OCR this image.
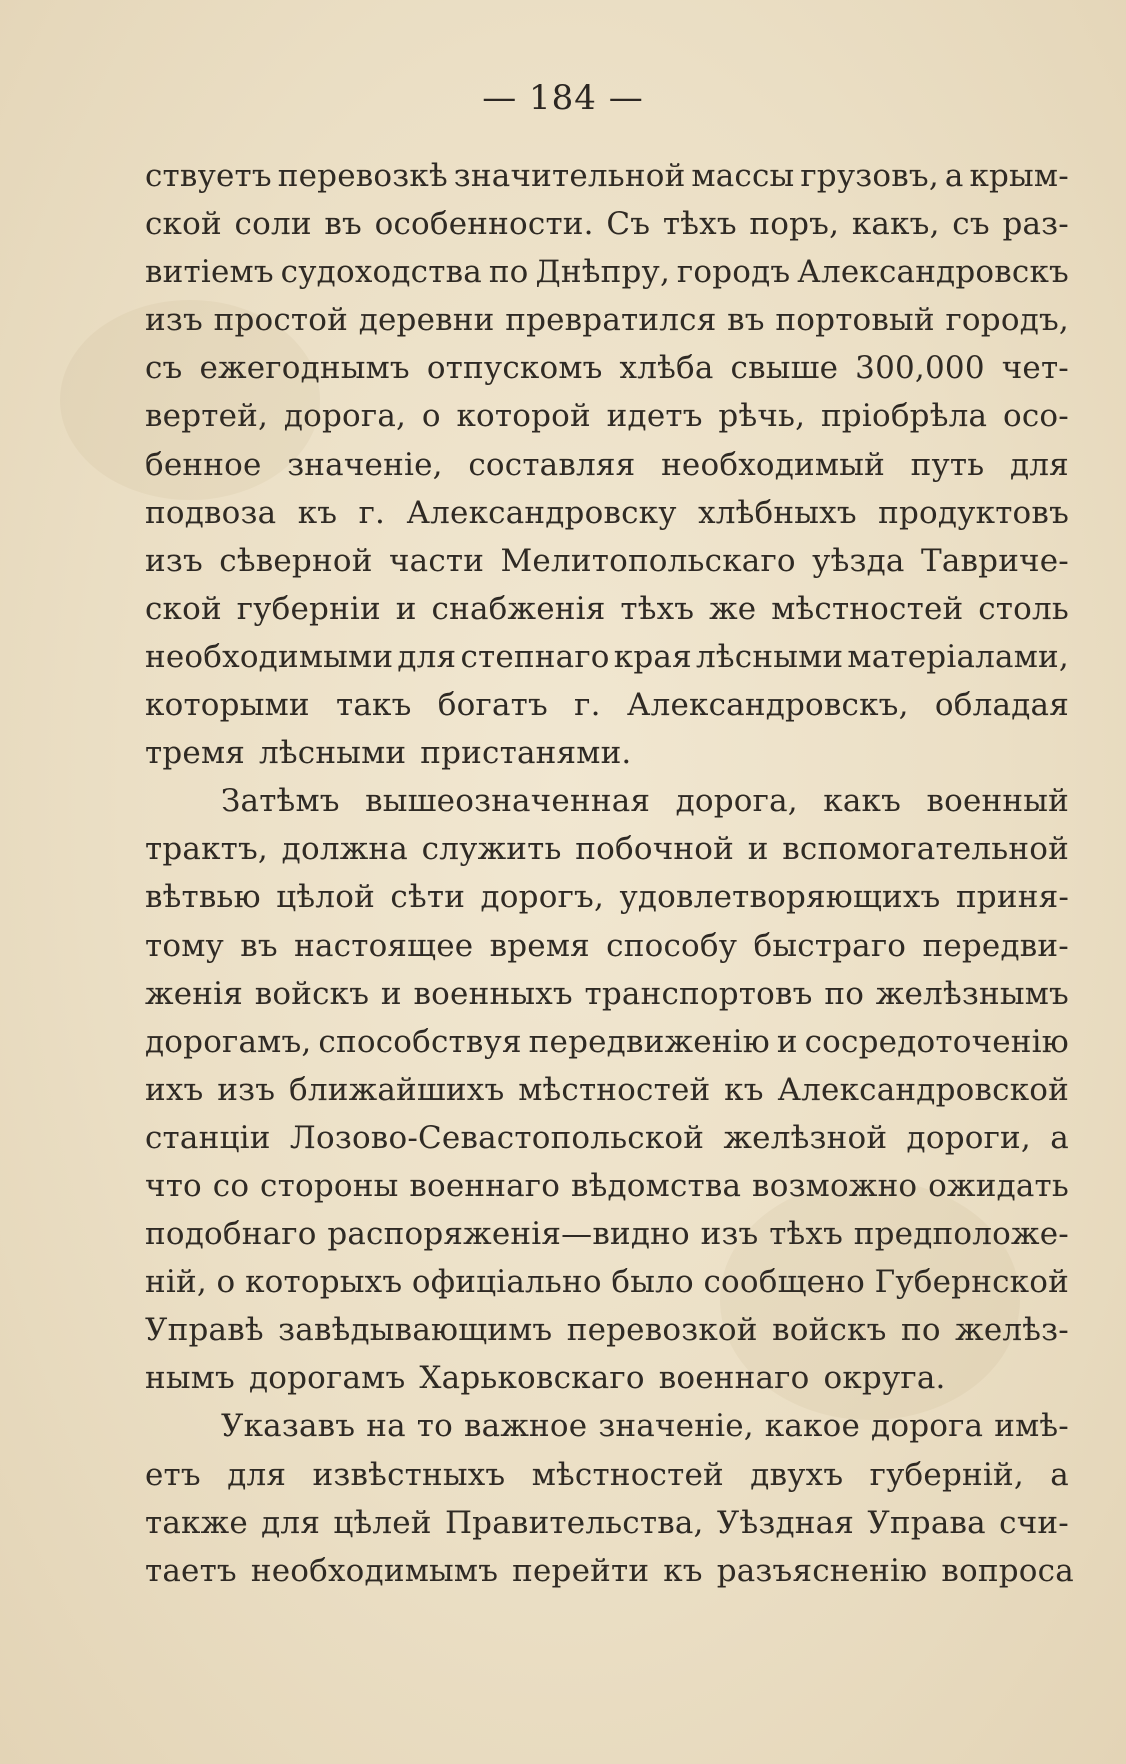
— 184 —
ствуетъ перевозкѣ значительной массы грузовъ, а крым-
ской соли въ особенности. Съ тѣхъ поръ, какъ, съ раз-
витіемъ судоходства по Днѣпру, городъ Александровскъ
изъ простой деревни превратился въ портовый городъ,
съ ежегоднымъ отпускомъ хлѣба свыше 300,000 чет-
вертей, дорога, о которой идетъ рѣчь, пріобрѣла осо-
бенное значеніе, составляя необходимый путь для
подвоза къ г. Александровску хлѣбныхъ продуктовъ
изъ сѣверной части Мелитопольскаго уѣзда Тавриче-
ской губерніи и снабженія тѣхъ же мѣстностей столь
необходимыми для степнаго края лѣсными матеріалами,
которыми такъ богатъ г. Александровскъ, обладая
тремя лѣсными пристанями.
Затѣмъ вышеозначенная дорога, какъ военный
трактъ, должна служить побочной и вспомогательной
вѣтвью цѣлой сѣти дорогъ, удовлетворяющихъ приня-
тому въ настоящее время способу быстраго передви-
женія войскъ и военныхъ транспортовъ по желѣзнымъ
дорогамъ, способствуя передвиженію и сосредоточенію
ихъ изъ ближайшихъ мѣстностей къ Александровской
станціи Лозово-Севастопольской желѣзной дороги, а
что со стороны военнаго вѣдомства возможно ожидать
подобнаго распоряженія—видно изъ тѣхъ предположе-
ній, о которыхъ офиціально было сообщено Губернской
Управѣ завѣдывающимъ перевозкой войскъ по желѣз-
нымъ дорогамъ Харьковскаго военнаго округа.
Указавъ на то важное значеніе, какое дорога имѣ-
етъ для извѣстныхъ мѣстностей двухъ губерній, а
также для цѣлей Правительства, Уѣздная Управа счи-
таетъ необходимымъ перейти къ разъясненію вопроса
